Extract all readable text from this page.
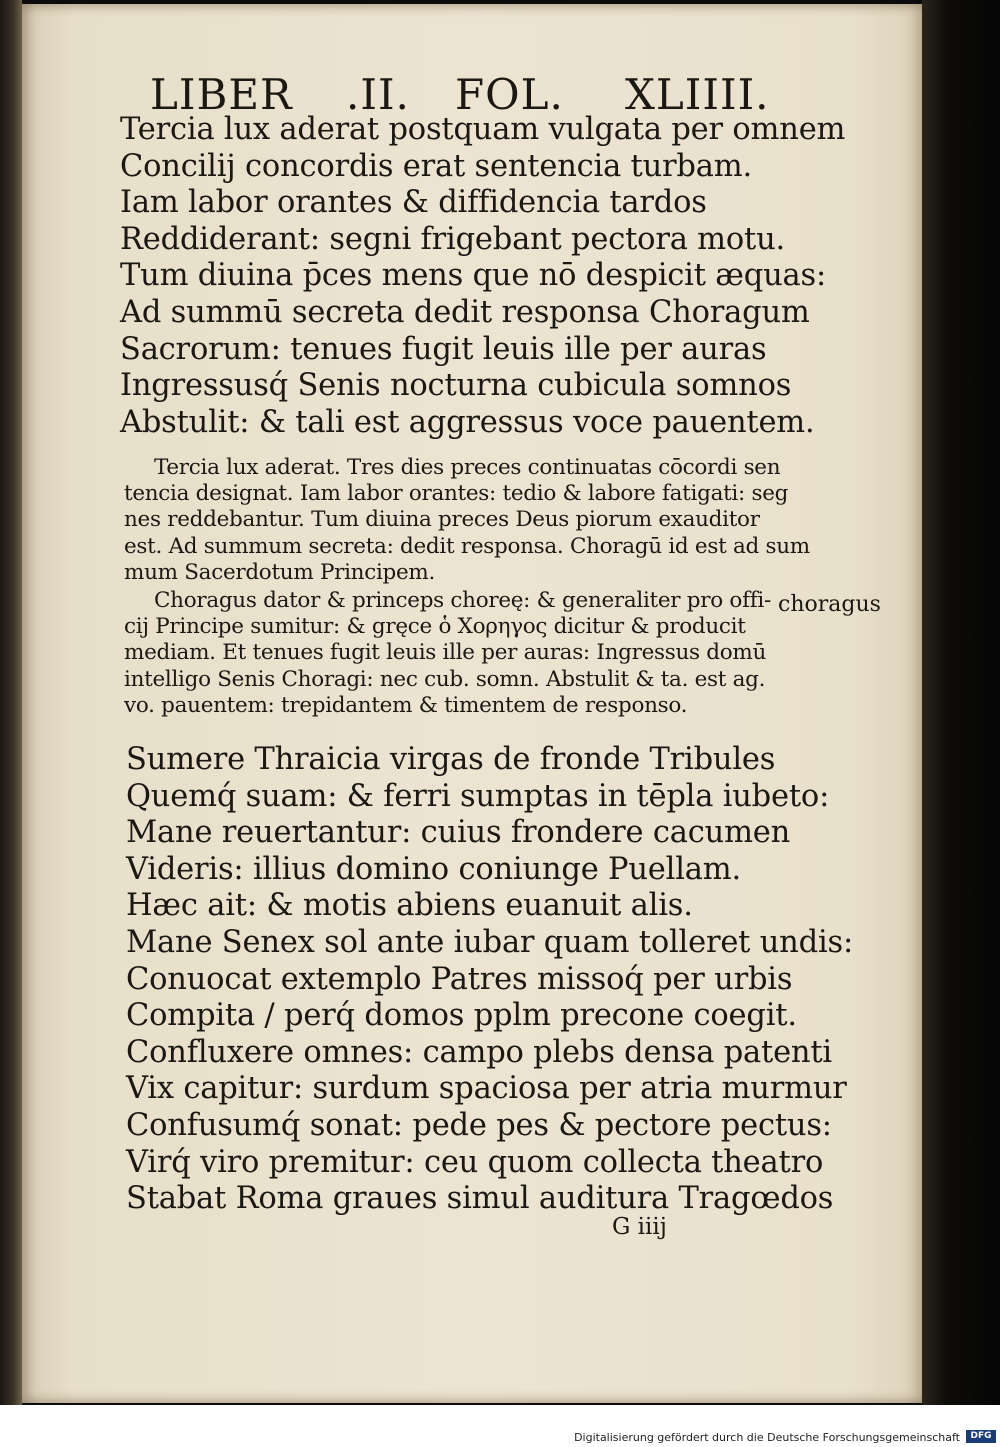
LIBER .II. FOL. XLIIII.
Tercia lux aderat postquam vulgata per omnem
Concilij concordis erat sentencia turbam.
Iam labor orantes & diffidencia tardos
Reddiderant: segni frigebant pectora motu.
Tum diuina p̄ces mens que nō despicit æquas:
Ad summū secreta dedit responsa Choragum
Sacrorum: tenues fugit leuis ille per auras
Ingressusq́ Senis nocturna cubicula somnos
Abstulit: & tali est aggressus voce pauentem.
Tercia lux aderat. Tres dies preces continuatas cōcordi sen
tencia designat. Iam labor orantes: tedio & labore fatigati: seg
nes reddebantur. Tum diuina preces Deus piorum exauditor
est. Ad summum secreta: dedit responsa. Choragū id est ad sum
mum Sacerdotum Principem.
Choragus dator & princeps choreę: & generaliter pro offi-
cij Principe sumitur: & gręce ὁ Χορηγος dicitur & producit
mediam. Et tenues fugit leuis ille per auras: Ingressus domū
intelligo Senis Choragi: nec cub. somn. Abstulit & ta. est ag.
vo. pauentem: trepidantem & timentem de responso.
choragus
Sumere Thraicia virgas de fronde Tribules
Quemq́ suam: & ferri sumptas in tēpla iubeto:
Mane reuertantur: cuius frondere cacumen
Videris: illius domino coniunge Puellam.
Hæc ait: & motis abiens euanuit alis.
Mane Senex sol ante iubar quam tolleret undis:
Conuocat extemplo Patres missoq́ per urbis
Compita / perq́ domos pplm precone coegit.
Confluxere omnes: campo plebs densa patenti
Vix capitur: surdum spaciosa per atria murmur
Confusumq́ sonat: pede pes & pectore pectus:
Virq́ viro premitur: ceu quom collecta theatro
Stabat Roma graues simul auditura Tragœdos
G iiij
Digitalisierung gefördert durch die Deutsche Forschungsgemeinschaft	DFG
